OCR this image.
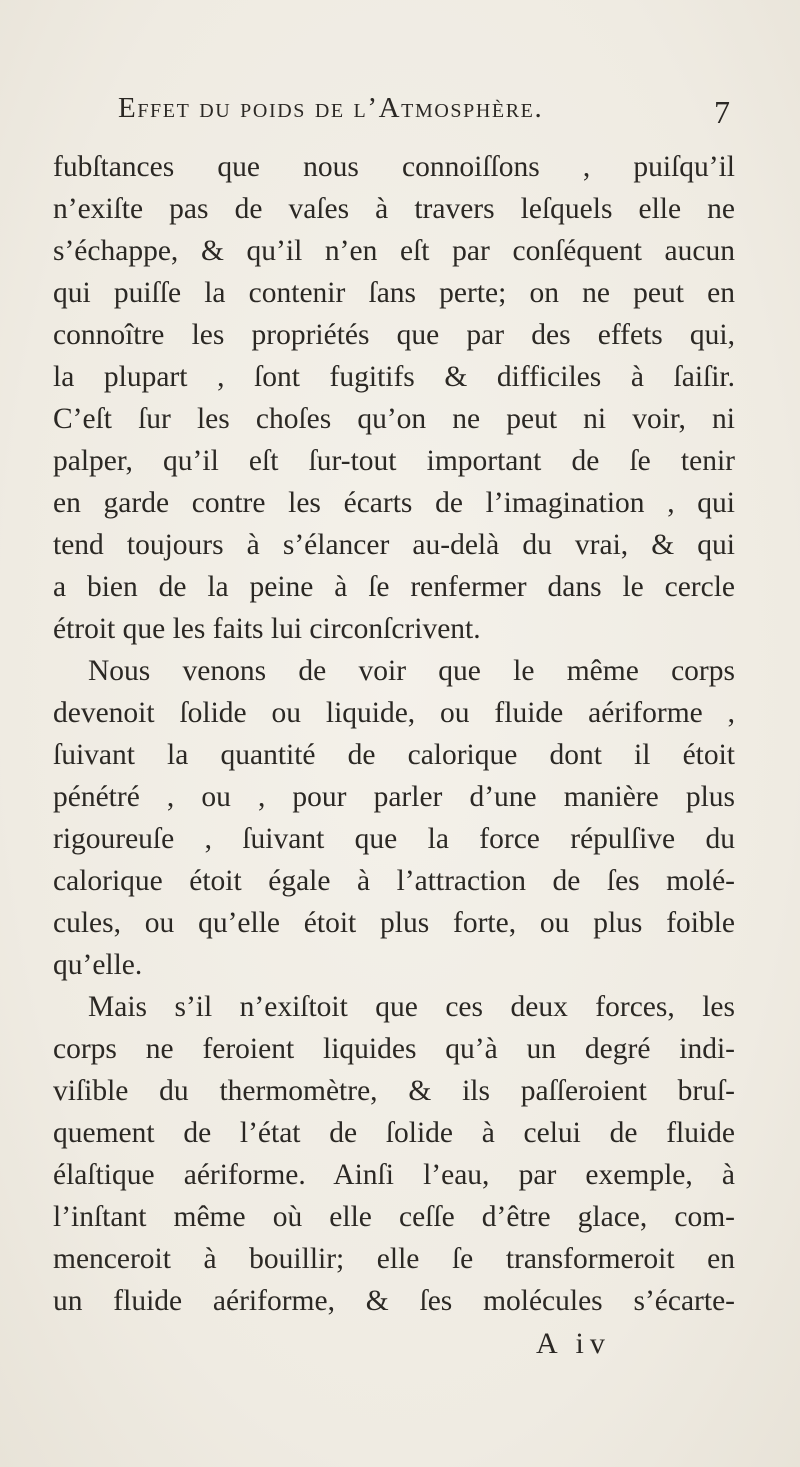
Effet du poids de l’Atmosphère.	7
fubſtances que nous connoiſſons , puiſqu’il
n’exiſte pas de vaſes à travers leſquels elle ne
s’échappe, & qu’il n’en eſt par conſéquent aucun
qui puiſſe la contenir ſans perte; on ne peut en
connoître les propriétés que par des effets qui,
la plupart , ſont fugitifs & difficiles à ſaiſir.
C’eſt ſur les choſes qu’on ne peut ni voir, ni
palper, qu’il eſt ſur-tout important de ſe tenir
en garde contre les écarts de l’imagination , qui
tend toujours à s’élancer au-delà du vrai, & qui
a bien de la peine à ſe renfermer dans le cercle
étroit que les faits lui circonſcrivent.
Nous venons de voir que le même corps
devenoit ſolide ou liquide, ou fluide aériforme ,
ſuivant la quantité de calorique dont il étoit
pénétré , ou , pour parler d’une manière plus
rigoureuſe , ſuivant que la force répulſive du
calorique étoit égale à l’attraction de ſes molé-
cules, ou qu’elle étoit plus forte, ou plus foible
qu’elle.
Mais s’il n’exiſtoit que ces deux forces, les
corps ne feroient liquides qu’à un degré indi-
viſible du thermomètre, & ils paſſeroient bruſ-
quement de l’état de ſolide à celui de fluide
élaſtique aériforme. Ainſi l’eau, par exemple, à
l’inſtant même où elle ceſſe d’être glace, com-
menceroit à bouillir; elle ſe transformeroit en
un fluide aériforme, & ſes molécules s’écarte-
A iv
